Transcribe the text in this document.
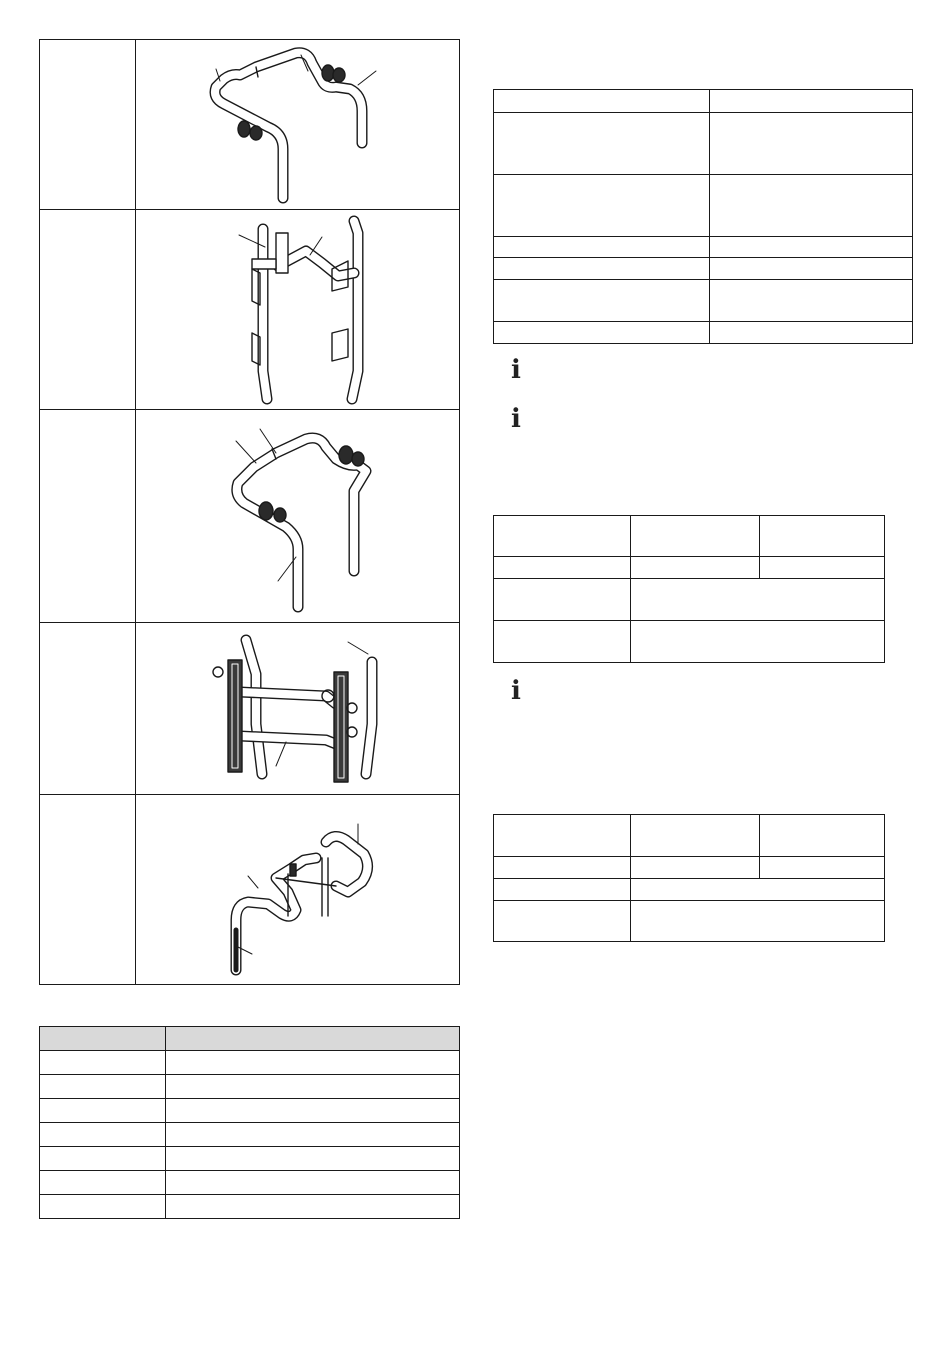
ℹ
ℹ

ℹ
